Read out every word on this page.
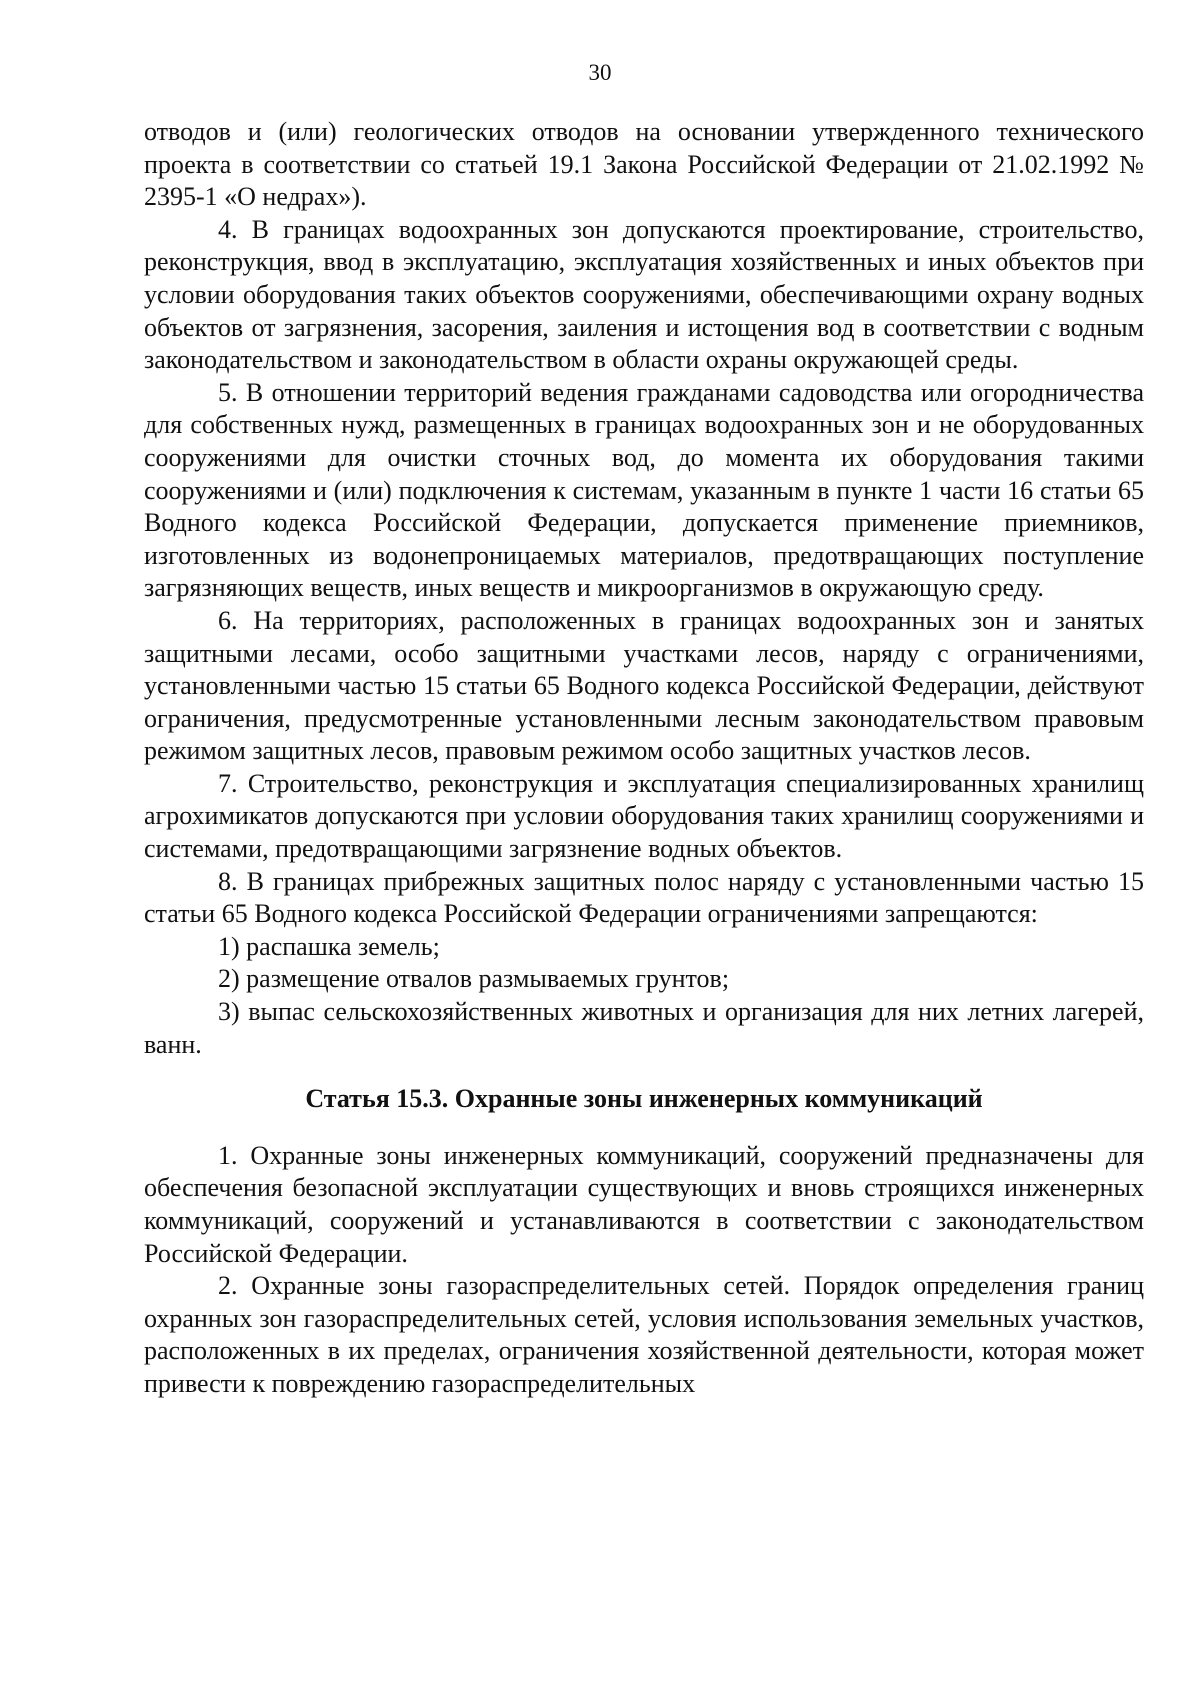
30

отводов и (или) геологических отводов на основании утвержденного технического проекта в соответствии со статьей 19.1 Закона Российской Федерации от 21.02.1992 № 2395-1 «О недрах»).

4. В границах водоохранных зон допускаются проектирование, строительство, реконструкция, ввод в эксплуатацию, эксплуатация хозяйственных и иных объектов при условии оборудования таких объектов сооружениями, обеспечивающими охрану водных объектов от загрязнения, засорения, заиления и истощения вод в соответствии с водным законодательством и законодательством в области охраны окружающей среды.

5. В отношении территорий ведения гражданами садоводства или огородничества для собственных нужд, размещенных в границах водоохранных зон и не оборудованных сооружениями для очистки сточных вод, до момента их оборудования такими сооружениями и (или) подключения к системам, указанным в пункте 1 части 16 статьи 65 Водного кодекса Российской Федерации, допускается применение приемников, изготовленных из водонепроницаемых материалов, предотвращающих поступление загрязняющих веществ, иных веществ и микроорганизмов в окружающую среду.

6. На территориях, расположенных в границах водоохранных зон и занятых защитными лесами, особо защитными участками лесов, наряду с ограничениями, установленными частью 15 статьи 65 Водного кодекса Российской Федерации, действуют ограничения, предусмотренные установленными лесным законодательством правовым режимом защитных лесов, правовым режимом особо защитных участков лесов.

7. Строительство, реконструкция и эксплуатация специализированных хранилищ агрохимикатов допускаются при условии оборудования таких хранилищ сооружениями и системами, предотвращающими загрязнение водных объектов.

8. В границах прибрежных защитных полос наряду с установленными частью 15 статьи 65 Водного кодекса Российской Федерации ограничениями запрещаются:

1) распашка земель;

2) размещение отвалов размываемых грунтов;

3) выпас сельскохозяйственных животных и организация для них летних лагерей, ванн.

Статья 15.3. Охранные зоны инженерных коммуникаций

1. Охранные зоны инженерных коммуникаций, сооружений предназначены для обеспечения безопасной эксплуатации существующих и вновь строящихся инженерных коммуникаций, сооружений и устанавливаются в соответствии с законодательством Российской Федерации.

2. Охранные зоны газораспределительных сетей. Порядок определения границ охранных зон газораспределительных сетей, условия использования земельных участков, расположенных в их пределах, ограничения хозяйственной деятельности, которая может привести к повреждению газораспределительных
